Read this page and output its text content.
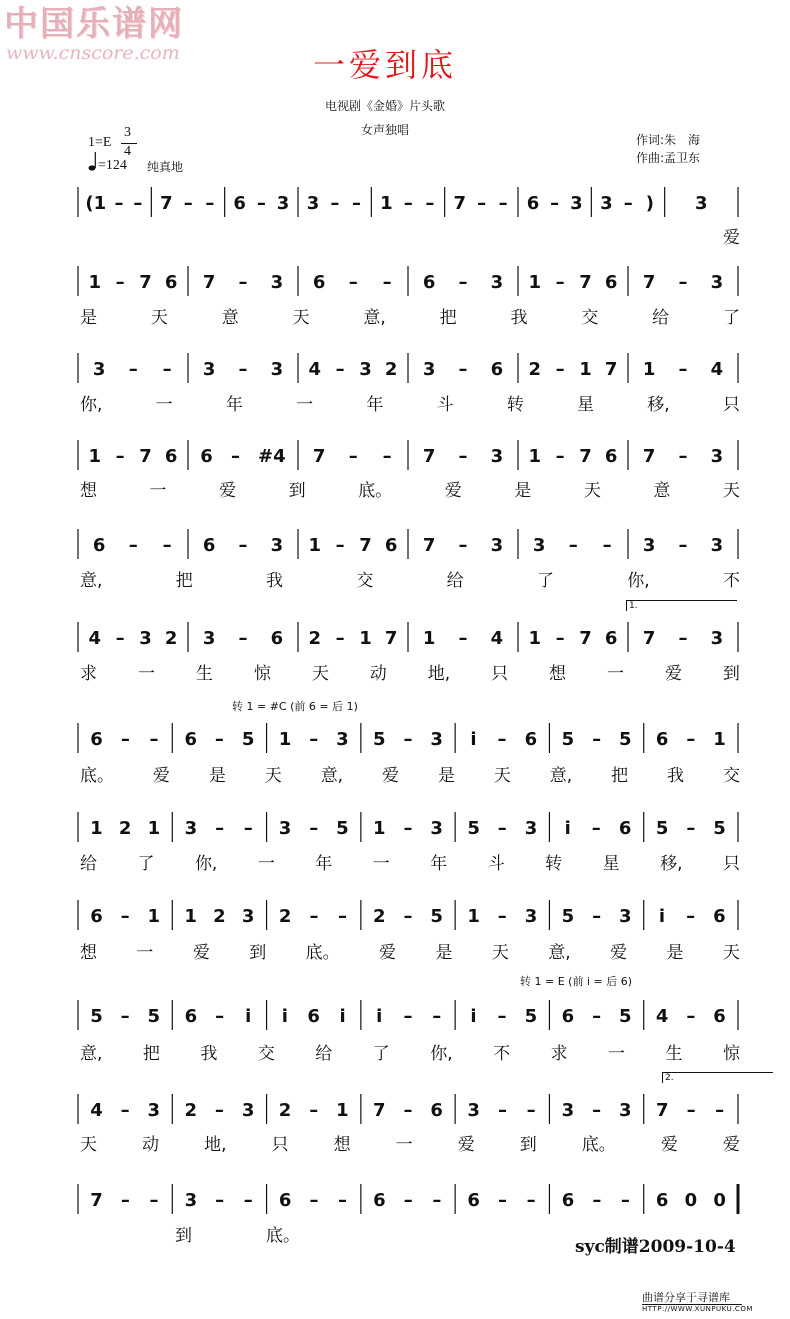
中国乐谱网
www.cnscore.com	一爱到底
电视剧《金婚》片头歌
女声独唱
1=E
3
4
=124 纯真地
作词:朱　海
作曲:孟卫东
(1 – – 7 – – 6 – 3 3 – – 1 – – 7 – – 6 – 3 3 – ) 3
爱
1 – 7 6 7 – 3 6 – – 6 – 3 1 – 7 6 7 – 3
是	天	意	天	意,	把	我	交	给	了
3 – – 3 – 3 4 – 3 2 3 – 6 2 – 1 7 1 – 4
你,	一	年	一	年	斗	转	星	移,	只
1 – 7 6 6 – #4 7 – – 7 – 3 1 – 7 6 7 – 3
想	一	爱	到	底。	爱	是	天	意	天
6 – – 6 – 3 1 – 7 6 7 – 3 3 – – 3 – 3
意,	把	我	交	给	了	你,	不
4 – 3 2 3 – 6 2 – 1 7 1 – 4 1 – 7 6 7 – 3
求 一 生 惊 天 动 地, 只 想 一 爱 到
6 – – 6 – 5 1 – 3 5 – 3 i – 6 5 – 5 6 – 1
底。 爱 是 天 意, 爱 是 天 意, 把 我 交
1 2 1 3 – – 3 – 5 1 – 3 5 – 3 i – 6 5 – 5
给 了 你, 一 年 一 年 斗 转 星 移, 只
6 – 1 1 2 3 2 – – 2 – 5 1 – 3 5 – 3 i – 6
想 一 爱 到 底。 爱 是 天 意, 爱 是 天
5 – 5 6 – i i 6 i i – – i – 5 6 – 5 4 – 6
意, 把 我 交 给 了 你, 不 求 一 生 惊
4 – 3 2 – 3 2 – 1 7 – 6 3 – – 3 – 3 7 – –
天	动	地,	只	想	一	爱	到	底。	爱	爱
7 – – 3 – – 6 – – 6 – – 6 – – 6 – – 6 0 0
到	底。
转 1 = #C (前 6 = 后 1)
转 1 = E (前 i = 后 6)
syc制谱2009-10-4
曲谱分享于寻谱库
HTTP://WWW.XUNPUKU.COM
1.
2.
